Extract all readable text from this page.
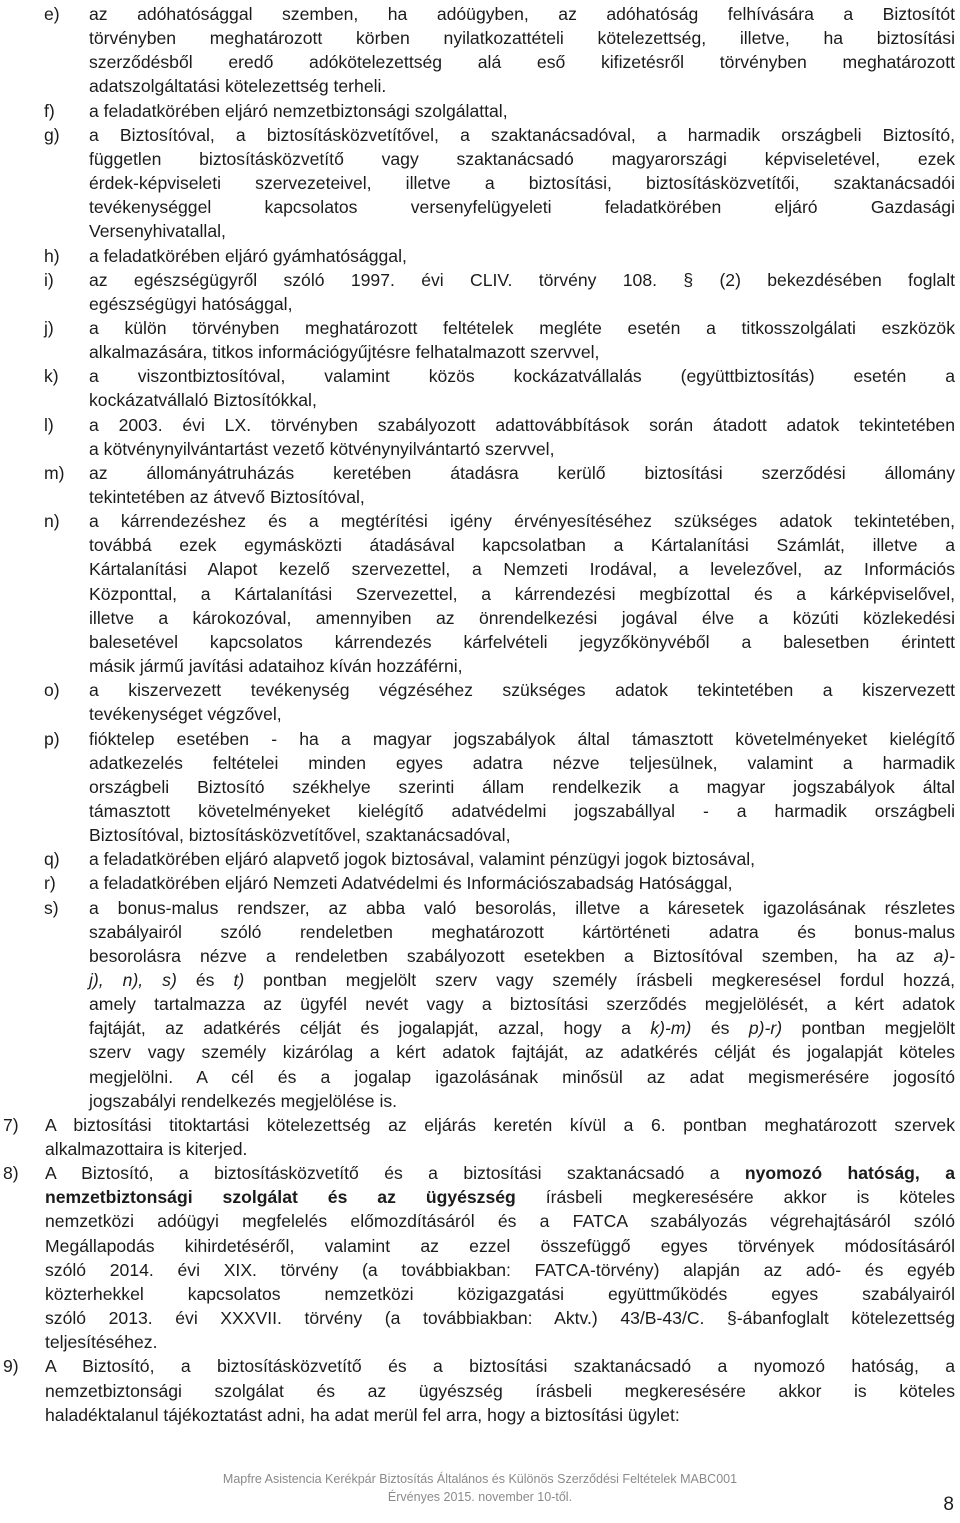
e) az adóhatósággal szemben, ha adóügyben, az adóhatóság felhívására a Biztosítót
törvényben meghatározott körben nyilatkozattételi kötelezettség, illetve, ha biztosítási
szerződésből eredő adókötelezettség alá eső kifizetésről törvényben meghatározott
adatszolgáltatási kötelezettség terheli.
f) a feladatkörében eljáró nemzetbiztonsági szolgálattal,
g) a Biztosítóval, a biztosításközvetítővel, a szaktanácsadóval, a harmadik országbeli Biztosító,
független biztosításközvetítő vagy szaktanácsadó magyarországi képviseletével, ezek
érdek-képviseleti szervezeteivel, illetve a biztosítási, biztosításközvetítői, szaktanácsadói
tevékenységgel kapcsolatos versenyfelügyeleti feladatkörében eljáró Gazdasági
Versenyhivatallal,
h) a feladatkörében eljáró gyámhatósággal,
i) az egészségügyről szóló 1997. évi CLIV. törvény 108. § (2) bekezdésében foglalt
egészségügyi hatósággal,
j) a külön törvényben meghatározott feltételek megléte esetén a titkosszolgálati eszközök
alkalmazására, titkos információgyűjtésre felhatalmazott szervvel,
k) a viszontbiztosítóval, valamint közös kockázatvállalás (együttbiztosítás) esetén a
kockázatvállaló Biztosítókkal,
l) a 2003. évi LX. törvényben szabályozott adattovábbítások során átadott adatok tekintetében
a kötvénynyilvántartást vezető kötvénynyilvántartó szervvel,
m) az állományátruházás keretében átadásra kerülő biztosítási szerződési állomány
tekintetében az átvevő Biztosítóval,
n) a kárrendezéshez és a megtérítési igény érvényesítéséhez szükséges adatok tekintetében,
továbbá ezek egymásközti átadásával kapcsolatban a Kártalanítási Számlát, illetve a
Kártalanítási Alapot kezelő szervezettel, a Nemzeti Irodával, a levelezővel, az Információs
Központtal, a Kártalanítási Szervezettel, a kárrendezési megbízottal és a kárképviselővel,
illetve a károkozóval, amennyiben az önrendelkezési jogával élve a közúti közlekedési
balesetével kapcsolatos kárrendezés kárfelvételi jegyzőkönyvéből a balesetben érintett
másik jármű javítási adataihoz kíván hozzáférni,
o) a kiszervezett tevékenység végzéséhez szükséges adatok tekintetében a kiszervezett
tevékenységet végzővel,
p) fióktelep esetében - ha a magyar jogszabályok által támasztott követelményeket kielégítő
adatkezelés feltételei minden egyes adatra nézve teljesülnek, valamint a harmadik
országbeli Biztosító székhelye szerinti állam rendelkezik a magyar jogszabályok által
támasztott követelményeket kielégítő adatvédelmi jogszabállyal - a harmadik országbeli
Biztosítóval, biztosításközvetítővel, szaktanácsadóval,
q) a feladatkörében eljáró alapvető jogok biztosával, valamint pénzügyi jogok biztosával,
r) a feladatkörében eljáró Nemzeti Adatvédelmi és Információszabadság Hatósággal,
s) a bonus-malus rendszer, az abba való besorolás, illetve a káresetek igazolásának részletes
szabályairól szóló rendeletben meghatározott kártörténeti adatra és bonus-malus
besorolásra nézve a rendeletben szabályozott esetekben a Biztosítóval szemben, ha az a)-
j), n), s) és t) pontban megjelölt szerv vagy személy írásbeli megkeresésel fordul hozzá,
amely tartalmazza az ügyfél nevét vagy a biztosítási szerződés megjelölését, a kért adatok
fajtáját, az adatkérés célját és jogalapját, azzal, hogy a k)-m) és p)-r) pontban megjelölt
szerv vagy személy kizárólag a kért adatok fajtáját, az adatkérés célját és jogalapját köteles
megjelölni. A cél és a jogalap igazolásának minősül az adat megismerésére jogosító
jogszabályi rendelkezés megjelölése is.
7) A biztosítási titoktartási kötelezettség az eljárás keretén kívül a 6. pontban meghatározott szervek
alkalmazottaira is kiterjed.
8) A Biztosító, a biztosításközvetítő és a biztosítási szaktanácsadó a nyomozó hatóság, a
nemzetbiztonsági szolgálat és az ügyészség írásbeli megkeresésére akkor is köteles
nemzetközi adóügyi megfelelés előmozdításáról és a FATCA szabályozás végrehajtásáról szóló
Megállapodás kihirdetéséről, valamint az ezzel összefüggő egyes törvények módosításáról
szóló 2014. évi XIX. törvény (a továbbiakban: FATCA-törvény) alapján az adó- és egyéb
közterhekkel kapcsolatos nemzetközi közigazgatási együttműködés egyes szabályairól
szóló 2013. évi XXXVII. törvény (a továbbiakban: Aktv.) 43/B-43/C. §-ábanfoglalt kötelezettség
teljesítéséhez.
9) A Biztosító, a biztosításközvetítő és a biztosítási szaktanácsadó a nyomozó hatóság, a
nemzetbiztonsági szolgálat és az ügyészség írásbeli megkeresésére akkor is köteles
haladéktalanul tájékoztatást adni, ha adat merül fel arra, hogy a biztosítási ügylet:
Mapfre Asistencia Kerékpár Biztosítás Általános és Különös Szerződési Feltételek MABC001
Érvényes 2015. november 10-től.	8
